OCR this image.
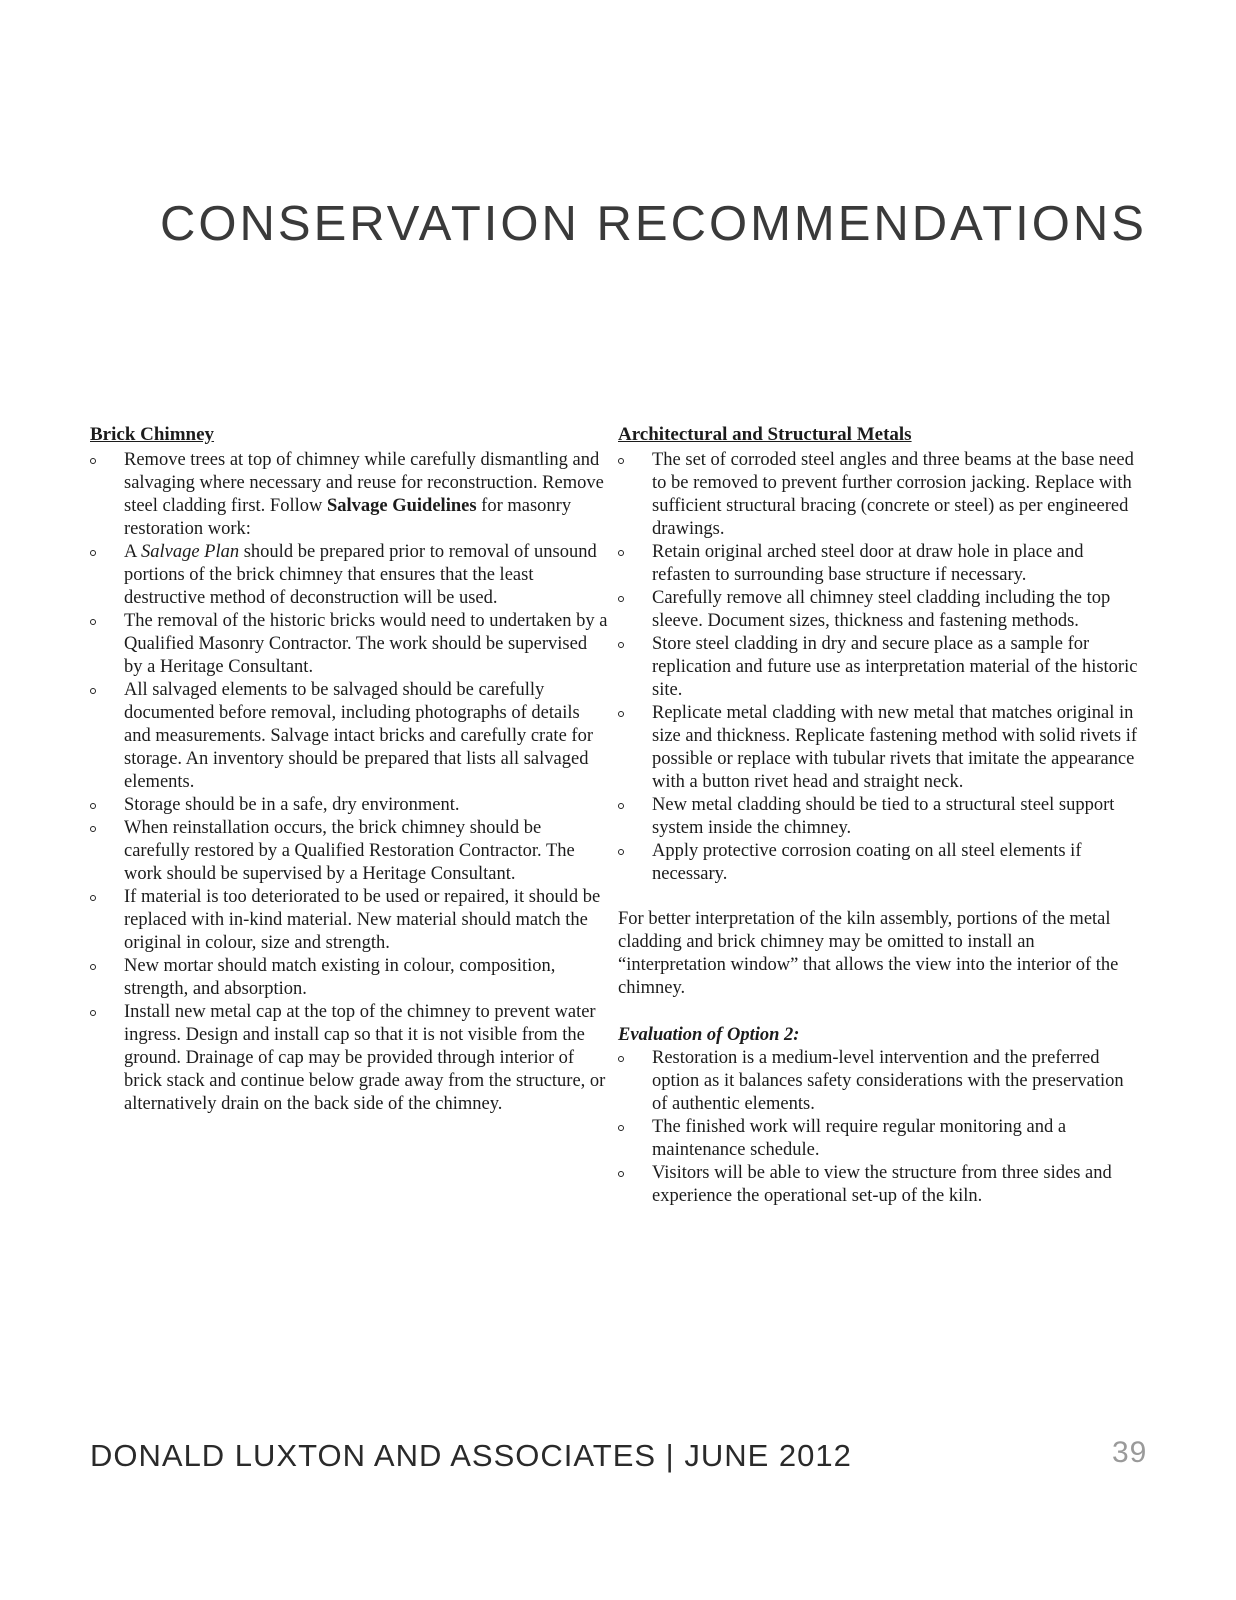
CONSERVATION RECOMMENDATIONS
Brick Chimney
Remove trees at top of chimney while carefully dismantling and salvaging where necessary and reuse for reconstruction. Remove steel cladding first. Follow Salvage Guidelines for masonry restoration work:
A Salvage Plan should be prepared prior to removal of unsound portions of the brick chimney that ensures that the least destructive method of deconstruction will be used.
The removal of the historic bricks would need to undertaken by a Qualified Masonry Contractor. The work should be supervised by a Heritage Consultant.
All salvaged elements to be salvaged should be carefully documented before removal, including photographs of details and measurements. Salvage intact bricks and carefully crate for storage. An inventory should be prepared that lists all salvaged elements.
Storage should be in a safe, dry environment.
When reinstallation occurs, the brick chimney should be carefully restored by a Qualified Restoration Contractor. The work should be supervised by a Heritage Consultant.
If material is too deteriorated to be used or repaired, it should be replaced with in-kind material. New material should match the original in colour, size and strength.
New mortar should match existing in colour, composition, strength, and absorption.
Install new metal cap at the top of the chimney to prevent water ingress. Design and install cap so that it is not visible from the ground. Drainage of cap may be provided through interior of brick stack and continue below grade away from the structure, or alternatively drain on the back side of the chimney.
Architectural and Structural Metals
The set of corroded steel angles and three beams at the base need to be removed to prevent further corrosion jacking. Replace with sufficient structural bracing (concrete or steel) as per engineered drawings.
Retain original arched steel door at draw hole in place and refasten to surrounding base structure if necessary.
Carefully remove all chimney steel cladding including the top sleeve. Document sizes, thickness and fastening methods.
Store steel cladding in dry and secure place as a sample for replication and future use as interpretation material of the historic site.
Replicate metal cladding with new metal that matches original in size and thickness. Replicate fastening method with solid rivets if possible or replace with tubular rivets that imitate the appearance with a button rivet head and straight neck.
New metal cladding should be tied to a structural steel support system inside the chimney.
Apply protective corrosion coating on all steel elements if necessary.

For better interpretation of the kiln assembly, portions of the metal cladding and brick chimney may be omitted to install an “interpretation window” that allows the view into the interior of the chimney.

Evaluation of Option 2:
Restoration is a medium-level intervention and the preferred option as it balances safety considerations with the preservation of authentic elements.
The finished work will require regular monitoring and a maintenance schedule.
Visitors will be able to view the structure from three sides and experience the operational set-up of the kiln.
DONALD LUXTON AND ASSOCIATES | JUNE 2012	39
